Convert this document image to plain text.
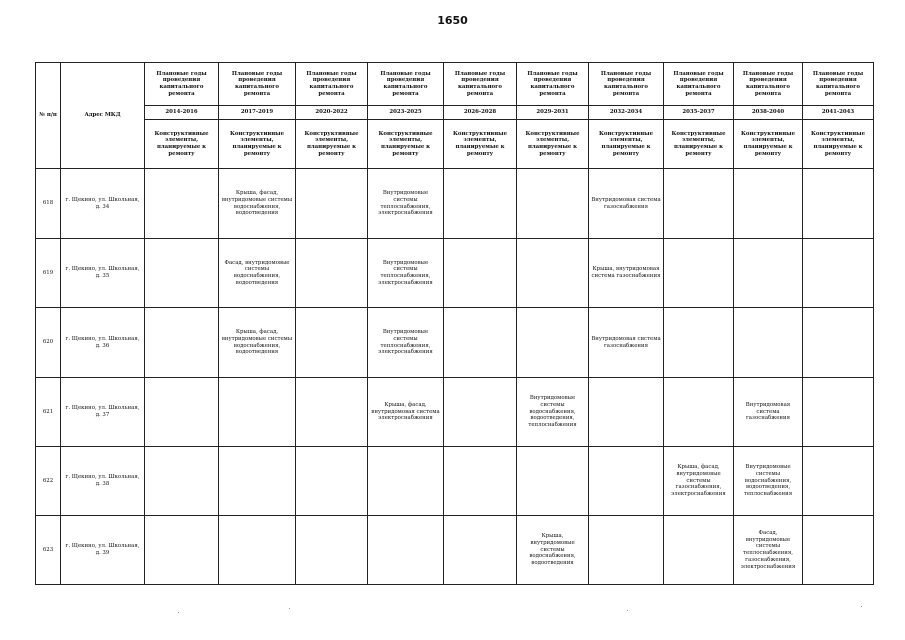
1650
№ п/п	Адрес МКД	Плановые годы проведения капитального ремонта	Плановые годы проведения капитального ремонта	Плановые годы проведения капитального ремонта	Плановые годы проведения капитального ремонта	Плановые годы проведения капитального ремонта	Плановые годы проведения капитального ремонта	Плановые годы проведения капитального ремонта	Плановые годы проведения капитального ремонта	Плановые годы проведения капитального ремонта	Плановые годы проведения капитального ремонта
		2014-2016	2017-2019	2020-2022	2023-2025	2026-2028	2029-2031	2032-2034	2035-2037	2038-2040	2041-2043
		Конструктивные элементы, планируемые к ремонту	Конструктивные элементы, планируемые к ремонту	Конструктивные элементы, планируемые к ремонту	Конструктивные элементы, планируемые к ремонту	Конструктивные элементы, планируемые к ремонту	Конструктивные элементы, планируемые к ремонту	Конструктивные элементы, планируемые к ремонту	Конструктивные элементы, планируемые к ремонту	Конструктивные элементы, планируемые к ремонту	Конструктивные элементы, планируемые к ремонту
618	г. Щекино, ул. Школьная, д. 34		Крыша, фасад, внутридомовые системы водоснабжения, водоотведения		Внутридомовые системы теплоснабжения, электроснабжения			Внутридомовая система газоснабжения			
619	г. Щекино, ул. Школьная, д. 35		Фасад, внутридомовые системы водоснабжения, водоотведения		Внутридомовые системы теплоснабжения, электроснабжения			Крыша, внутридомовая система газоснабжения			
620	г. Щекино, ул. Школьная, д. 36		Крыша, фасад, внутридомовые системы водоснабжения, водоотведения		Внутридомовые системы теплоснабжения, электроснабжения			Внутридомовая система газоснабжения			
621	г. Щекино, ул. Школьная, д. 37				Крыша, фасад, внутридомовая система электроснабжения		Внутридомовые системы водоснабжения, водоотведения, теплоснабжения			Внутридомовая система газоснабжения	
622	г. Щекино, ул. Школьная, д. 38								Крыша, фасад, внутридомовые системы газоснабжения, электроснабжения	Внутридомовые системы водоснабжения, водоотведения, теплоснабжения	
623	г. Щекино, ул. Школьная, д. 39						Крыша, внутридомовые системы водоснабжения, водоотведения			Фасад, внутридомовые системы теплоснабжения, газоснабжения, электроснабжения	
